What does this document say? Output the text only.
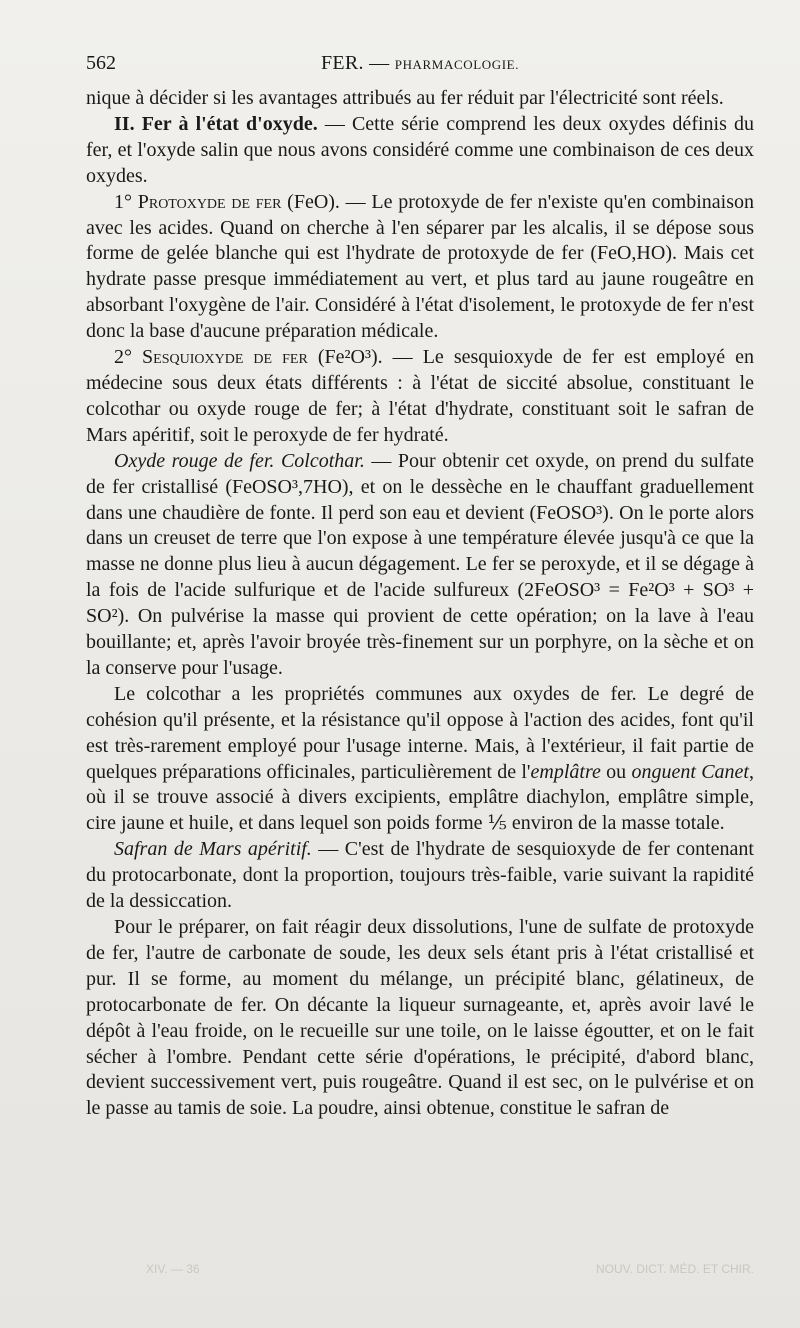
562	FER. — PHARMACOLOGIE.

nique à décider si les avantages attribués au fer réduit par l'électricité sont réels.

II. Fer à l'état d'oxyde. — Cette série comprend les deux oxydes définis du fer, et l'oxyde salin que nous avons considéré comme une combinaison de ces deux oxydes.

1° Protoxyde de fer (FeO). — Le protoxyde de fer n'existe qu'en combinaison avec les acides. Quand on cherche à l'en séparer par les alcalis, il se dépose sous forme de gelée blanche qui est l'hydrate de protoxyde de fer (FeO,HO). Mais cet hydrate passe presque immédiatement au vert, et plus tard au jaune rougeâtre en absorbant l'oxygène de l'air. Considéré à l'état d'isolement, le protoxyde de fer n'est donc la base d'aucune préparation médicale.

2° Sesquioxyde de fer (Fe²O³). — Le sesquioxyde de fer est employé en médecine sous deux états différents : à l'état de siccité absolue, constituant le colcothar ou oxyde rouge de fer; à l'état d'hydrate, constituant soit le safran de Mars apéritif, soit le peroxyde de fer hydraté.

Oxyde rouge de fer. Colcothar. — Pour obtenir cet oxyde, on prend du sulfate de fer cristallisé (FeOSO³,7HO), et on le dessèche en le chauffant graduellement dans une chaudière de fonte. Il perd son eau et devient (FeOSO³). On le porte alors dans un creuset de terre que l'on expose à une température élevée jusqu'à ce que la masse ne donne plus lieu à aucun dégagement. Le fer se peroxyde, et il se dégage à la fois de l'acide sulfurique et de l'acide sulfureux (2FeOSO³ = Fe²O³ + SO³ + SO²). On pulvérise la masse qui provient de cette opération; on la lave à l'eau bouillante; et, après l'avoir broyée très-finement sur un porphyre, on la sèche et on la conserve pour l'usage.

Le colcothar a les propriétés communes aux oxydes de fer. Le degré de cohésion qu'il présente, et la résistance qu'il oppose à l'action des acides, font qu'il est très-rarement employé pour l'usage interne. Mais, à l'extérieur, il fait partie de quelques préparations officinales, particulièrement de l'emplâtre ou onguent Canet, où il se trouve associé à divers excipients, emplâtre diachylon, emplâtre simple, cire jaune et huile, et dans lequel son poids forme ⅕ environ de la masse totale.

Safran de Mars apéritif. — C'est de l'hydrate de sesquioxyde de fer contenant du protocarbonate, dont la proportion, toujours très-faible, varie suivant la rapidité de la dessiccation.

Pour le préparer, on fait réagir deux dissolutions, l'une de sulfate de protoxyde de fer, l'autre de carbonate de soude, les deux sels étant pris à l'état cristallisé et pur. Il se forme, au moment du mélange, un précipité blanc, gélatineux, de protocarbonate de fer. On décante la liqueur surnageante, et, après avoir lavé le dépôt à l'eau froide, on le recueille sur une toile, on le laisse égoutter, et on le fait sécher à l'ombre. Pendant cette série d'opérations, le précipité, d'abord blanc, devient successivement vert, puis rougeâtre. Quand il est sec, on le pulvérise et on le passe au tamis de soie. La poudre, ainsi obtenue, constitue le safran de

XIV. — 36	NOUV. DICT. MÉD. ET CHIR.
